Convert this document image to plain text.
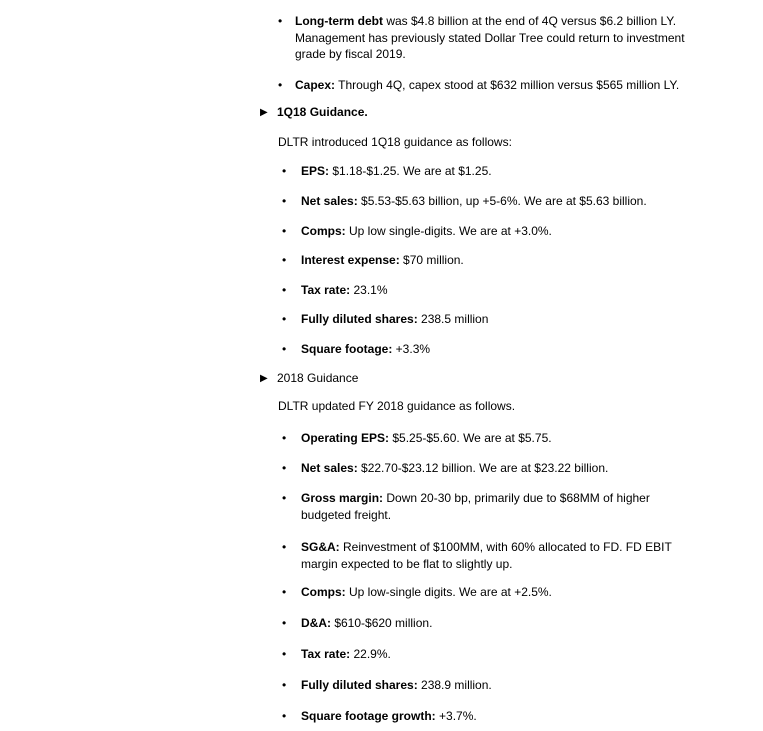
• Long-term debt was $4.8 billion at the end of 4Q versus $6.2 billion LY. Management has previously stated Dollar Tree could return to investment grade by fiscal 2019.
• Capex: Through 4Q, capex stood at $632 million versus $565 million LY.
▶ 1Q18 Guidance.
DLTR introduced 1Q18 guidance as follows:
• EPS: $1.18-$1.25. We are at $1.25.
• Net sales: $5.53-$5.63 billion, up +5-6%. We are at $5.63 billion.
• Comps: Up low single-digits. We are at +3.0%.
• Interest expense: $70 million.
• Tax rate: 23.1%
• Fully diluted shares: 238.5 million
• Square footage: +3.3%
▶ 2018 Guidance
DLTR updated FY 2018 guidance as follows.
• Operating EPS: $5.25-$5.60. We are at $5.75.
• Net sales: $22.70-$23.12 billion. We are at $23.22 billion.
• Gross margin: Down 20-30 bp, primarily due to $68MM of higher budgeted freight.
• SG&A: Reinvestment of $100MM, with 60% allocated to FD. FD EBIT margin expected to be flat to slightly up.
• Comps: Up low-single digits. We are at +2.5%.
• D&A: $610-$620 million.
• Tax rate: 22.9%.
• Fully diluted shares: 238.9 million.
• Square footage growth: +3.7%.
